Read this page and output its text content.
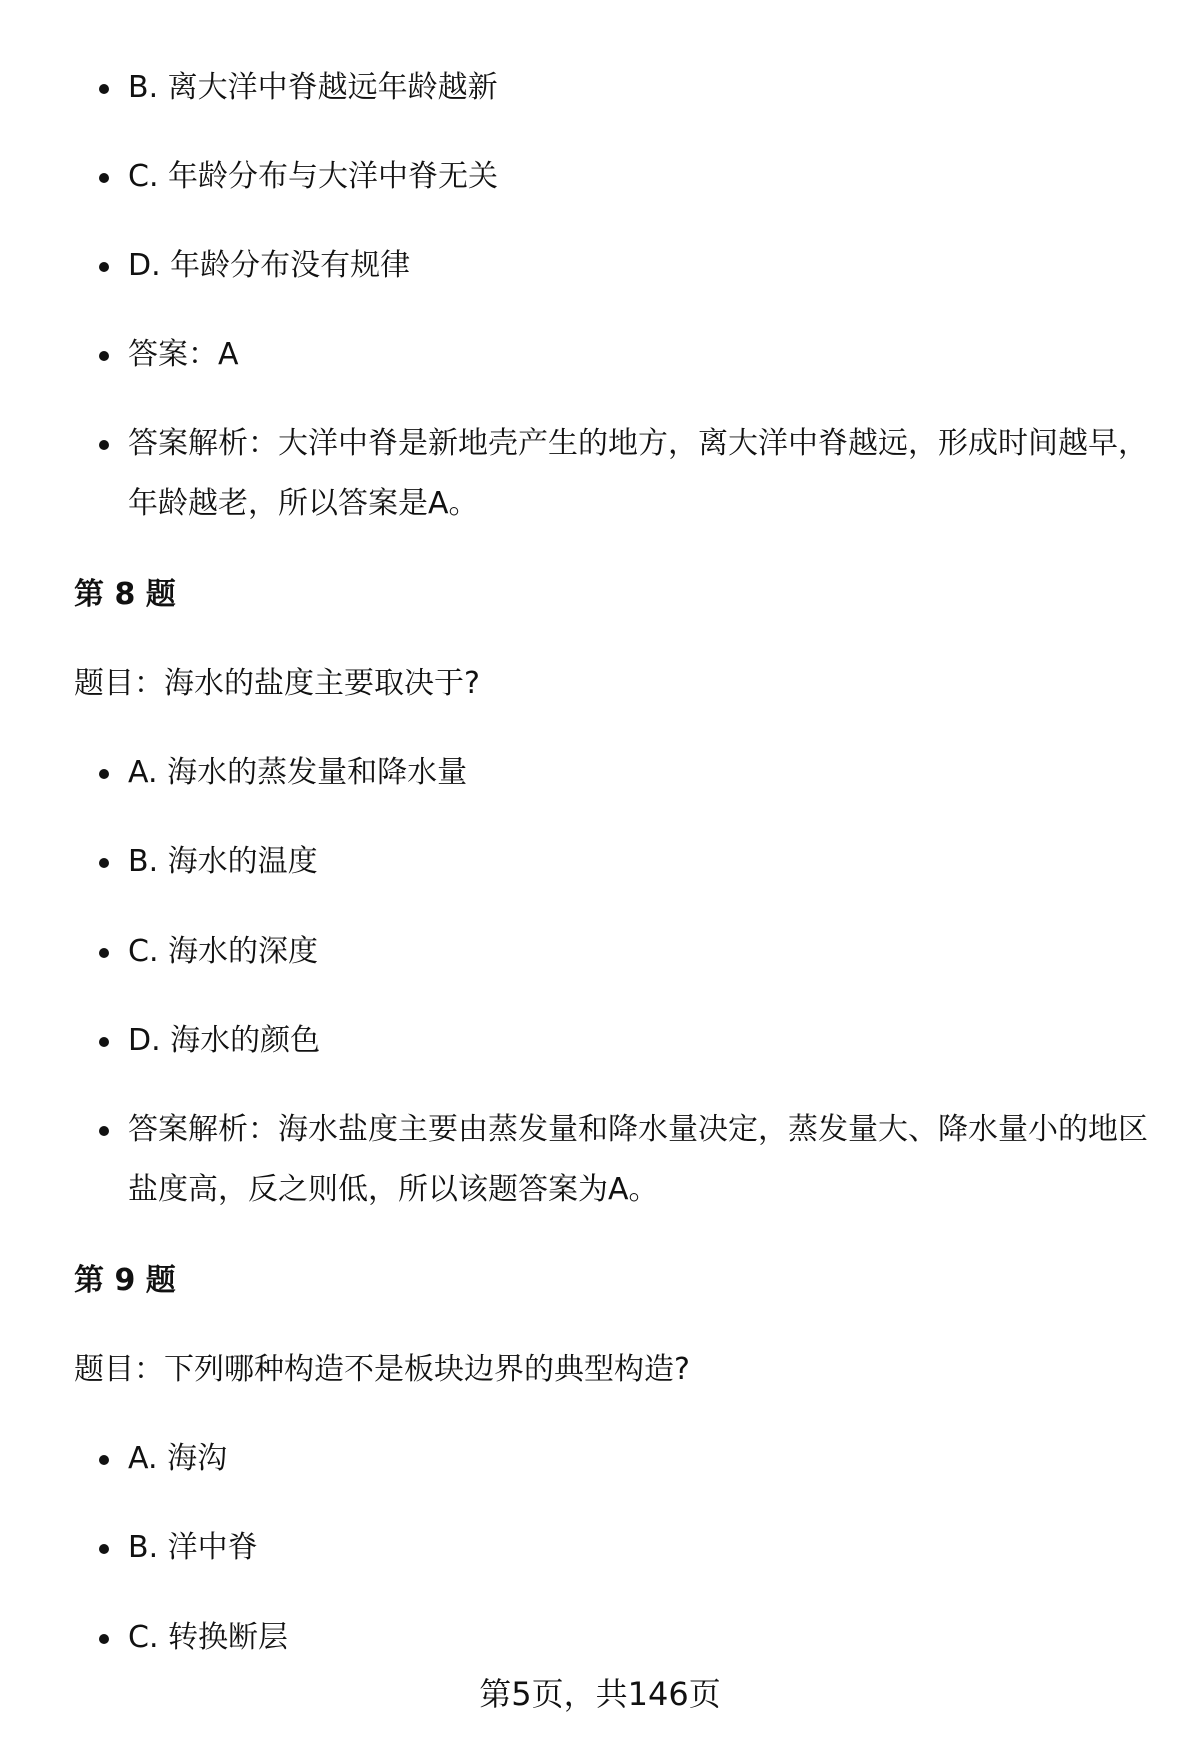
B. 离大洋中脊越远年龄越新
C. 年龄分布与大洋中脊无关
D. 年龄分布没有规律
答案：A
答案解析：大洋中脊是新地壳产生的地方，离大洋中脊越远，形成时间越早，
年龄越老，所以答案是A。
第 8 题
题目：海水的盐度主要取决于?
A. 海水的蒸发量和降水量
B. 海水的温度
C. 海水的深度
D. 海水的颜色
答案解析：海水盐度主要由蒸发量和降水量决定，蒸发量大、降水量小的地区
盐度高，反之则低，所以该题答案为A。
第 9 题
题目：下列哪种构造不是板块边界的典型构造?
A. 海沟
B. 洋中脊
C. 转换断层
第5页，共146页
